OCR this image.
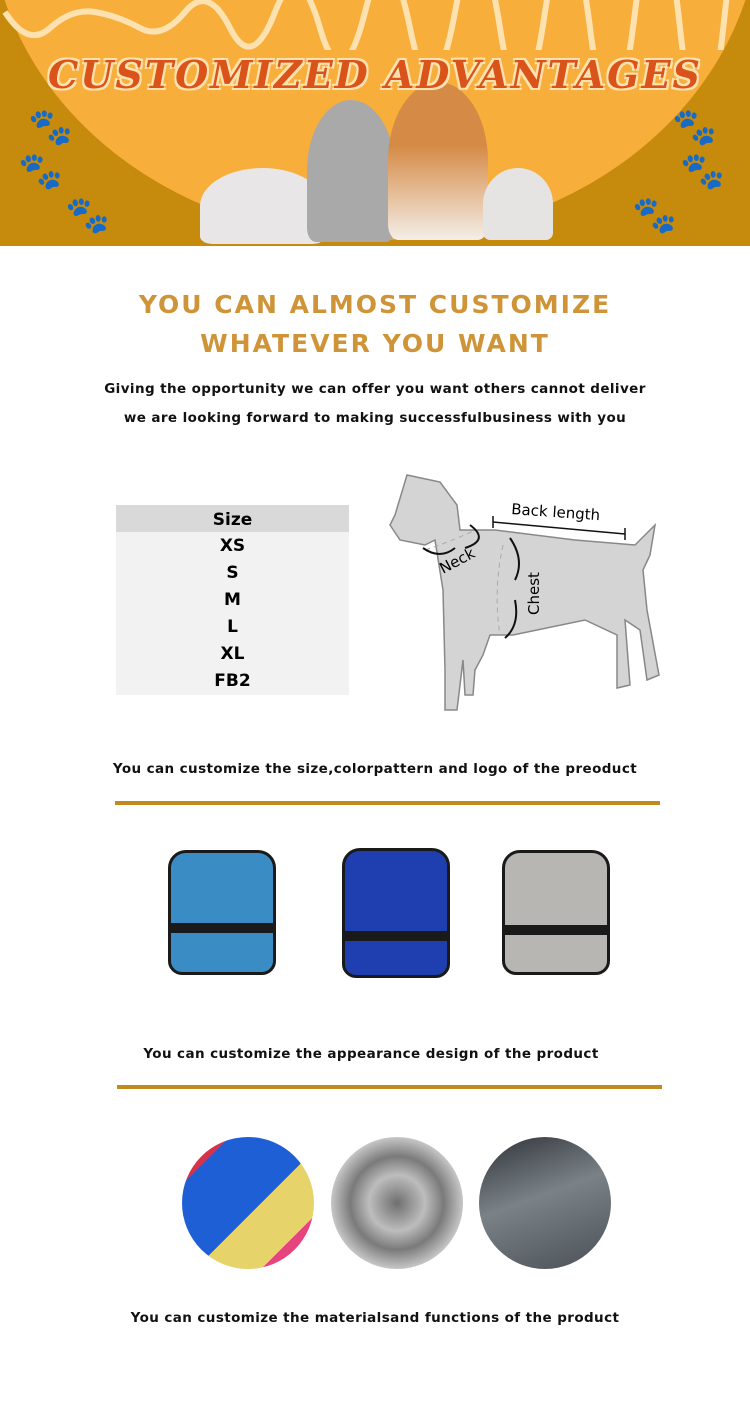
🐾
🐾
🐾
🐾
🐾
🐾
CUSTOMIZED ADVANTAGES
YOU CAN ALMOST CUSTOMIZE
WHATEVER YOU WANT
Giving the opportunity we can offer you want others cannot deliver
we are looking forward to making successfulbusiness with you
Size
XS
S
M
L
XL
FB2
Back length
Neck
Chest
You can customize the size,colorpattern and logo of the preoduct
You can customize the appearance design of the product
You can customize the materialsand functions of the product
